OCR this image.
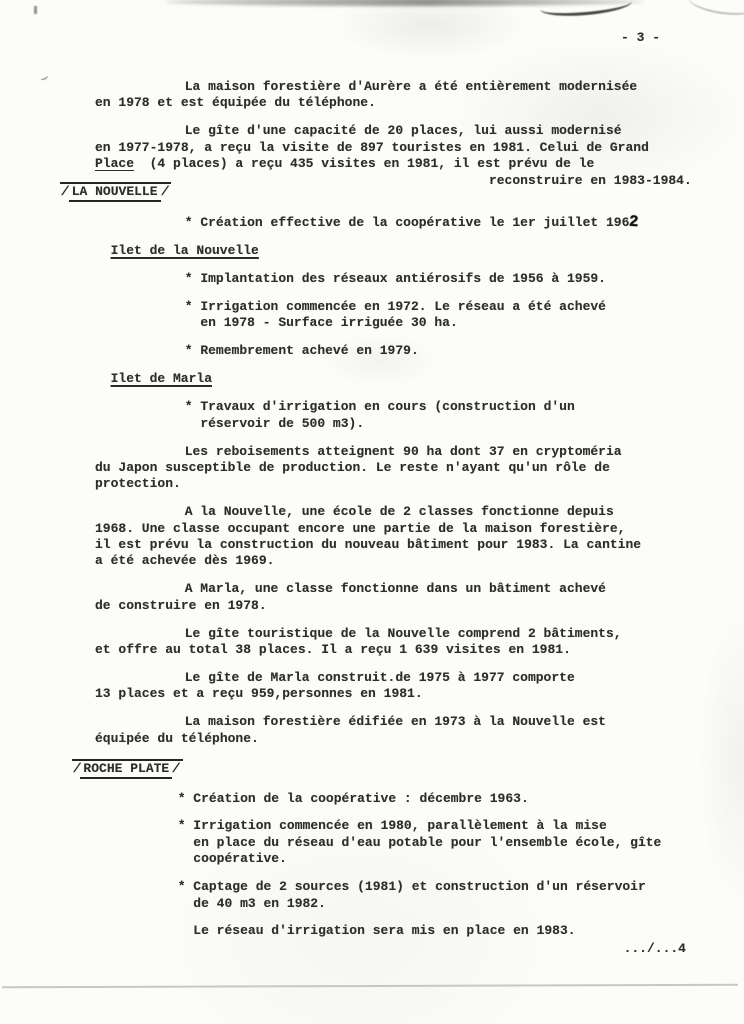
- 3 -
La maison forestière d'Aurère a été entièrement modernisée
en 1978 et est équipée du téléphone.
Le gîte d'une capacité de 20 places, lui aussi modernisé
en 1977-1978, a reçu la visite de 897 touristes en 1981. Celui de Grand
Place  (4 places) a reçu 435 visites en 1981, il est prévu de le
reconstruire en 1983-1984.
/LA NOUVELLE/
* Création effective de la coopérative le 1er juillet 1962
Ilet de la Nouvelle
* Implantation des réseaux antiérosifs de 1956 à 1959.
* Irrigation commencée en 1972. Le réseau a été achevé
en 1978 - Surface irriguée 30 ha.
* Remembrement achevé en 1979.
Ilet de Marla
* Travaux d'irrigation en cours (construction d'un
réservoir de 500 m3).
Les reboisements atteignent 90 ha dont 37 en cryptoméria
du Japon susceptible de production. Le reste n'ayant qu'un rôle de
protection.
A la Nouvelle, une école de 2 classes fonctionne depuis
1968. Une classe occupant encore une partie de la maison forestière,
il est prévu la construction du nouveau bâtiment pour 1983. La cantine
a été achevée dès 1969.
A Marla, une classe fonctionne dans un bâtiment achevé
de construire en 1978.
Le gîte touristique de la Nouvelle comprend 2 bâtiments,
et offre au total 38 places. Il a reçu 1 639 visites en 1981.
Le gîte de Marla construit.de 1975 à 1977 comporte
13 places et a reçu 959,personnes en 1981.
La maison forestière édifiée en 1973 à la Nouvelle est
équipée du téléphone.
/ROCHE PLATE/
* Création de la coopérative : décembre 1963.
* Irrigation commencée en 1980, parallèlement à la mise
en place du réseau d'eau potable pour l'ensemble école, gîte
coopérative.
* Captage de 2 sources (1981) et construction d'un réservoir
de 40 m3 en 1982.
Le réseau d'irrigation sera mis en place en 1983.
.../...4
